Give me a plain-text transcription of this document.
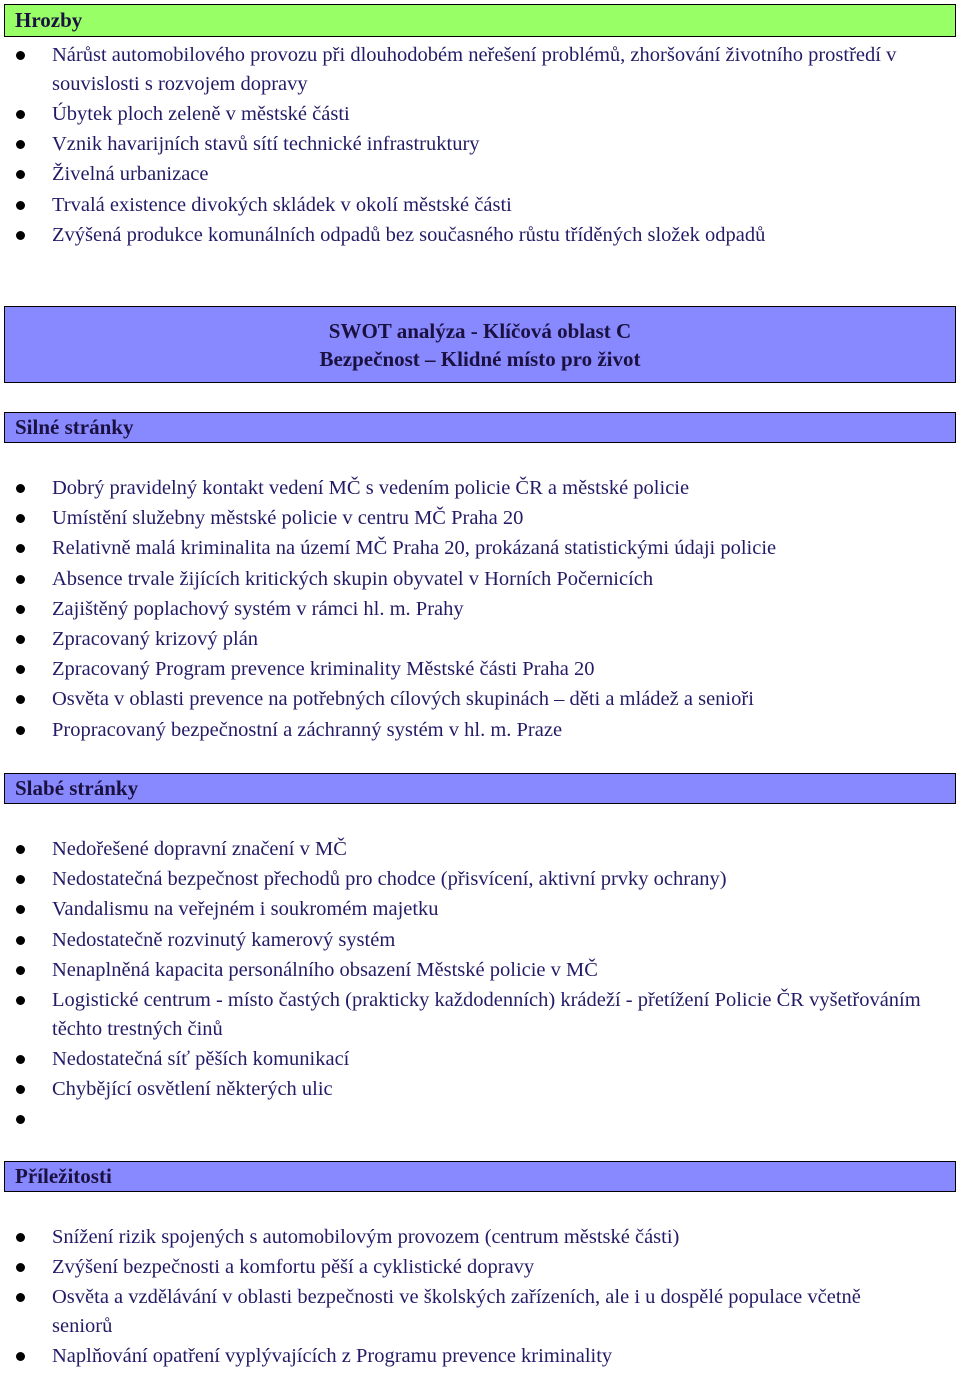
Hrozby
Nárůst automobilového provozu při dlouhodobém neřešení problémů, zhoršování životního prostředí v souvislosti s rozvojem dopravy
Úbytek ploch zeleně v městské části
Vznik havarijních stavů sítí technické infrastruktury
Živelná urbanizace
Trvalá existence divokých skládek v okolí městské části
Zvýšená produkce komunálních odpadů bez současného růstu tříděných složek odpadů
SWOT analýza - Klíčová oblast C
Bezpečnost – Klidné místo pro život
Silné stránky
Dobrý pravidelný kontakt vedení MČ s vedením policie ČR a městské policie
Umístění služebny městské policie v centru MČ Praha 20
Relativně malá kriminalita na území MČ Praha 20, prokázaná statistickými údaji policie
Absence trvale žijících kritických skupin obyvatel v Horních Počernicích
Zajištěný poplachový systém v rámci hl. m. Prahy
Zpracovaný krizový plán
Zpracovaný Program prevence kriminality Městské části Praha 20
Osvěta v oblasti prevence na potřebných cílových skupinách – děti a mládež a senioři
Propracovaný bezpečnostní a záchranný systém v hl. m. Praze
Slabé stránky
Nedořešené dopravní značení v MČ
Nedostatečná bezpečnost přechodů pro chodce (přisvícení, aktivní prvky ochrany)
Vandalismu na veřejném i soukromém majetku
Nedostatečně rozvinutý kamerový systém
Nenaplněná kapacita personálního obsazení Městské policie v MČ
Logistické centrum - místo častých (prakticky každodenních) krádeží - přetížení Policie ČR vyšetřováním těchto trestných činů
Nedostatečná síť pěších komunikací
Chybějící osvětlení některých ulic
Příležitosti
Snížení rizik spojených s automobilovým provozem (centrum městské části)
Zvýšení bezpečnosti a komfortu pěší a cyklistické dopravy
Osvěta a vzdělávání v oblasti bezpečnosti ve školských zařízeních, ale i u dospělé populace včetně seniorů
Naplňování opatření vyplývajících z Programu prevence kriminality
